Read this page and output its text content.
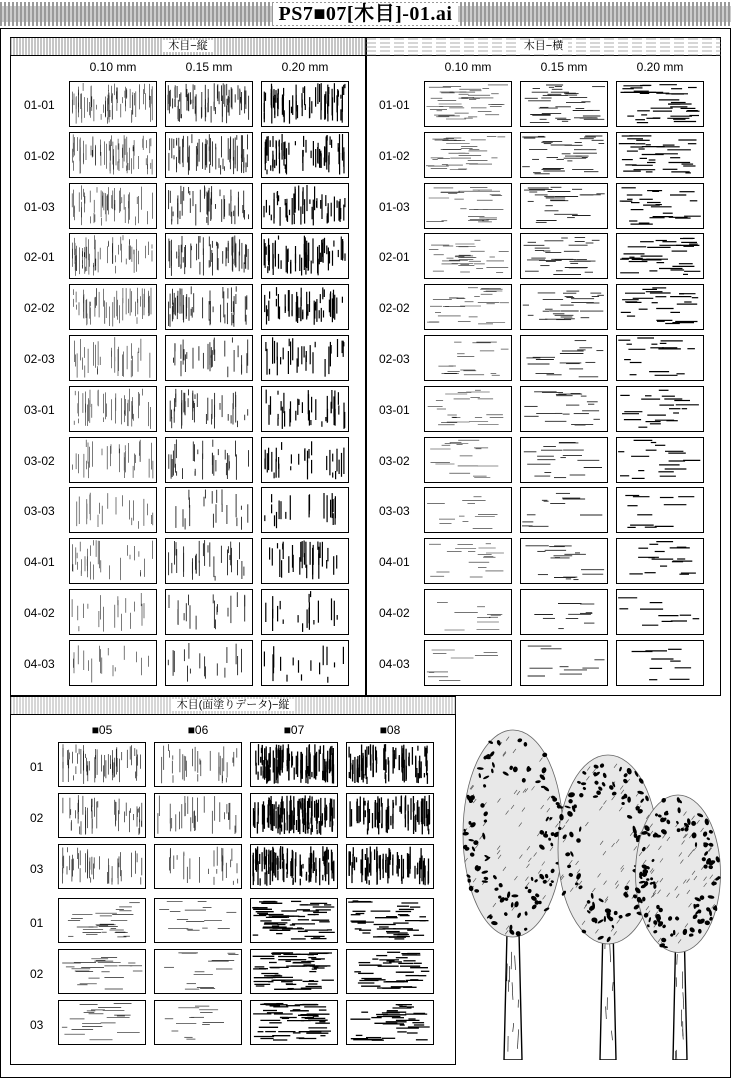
PS7■07[木目]-01.ai
木目−縦	木目−横
木目(面塗りデータ)−縦
0.10 mm	0.15 mm	0.20 mm
01-01
01-02
01-03
02-01
02-02
02-03
03-01
03-02
03-03
04-01
04-02
04-03
0.10 mm	0.15 mm	0.20 mm
01-01
01-02
01-03
02-01
02-02
02-03
03-01
03-02
03-03
04-01
04-02
04-03
■05	■06	■07	■08
01
02
03
01
02
03
